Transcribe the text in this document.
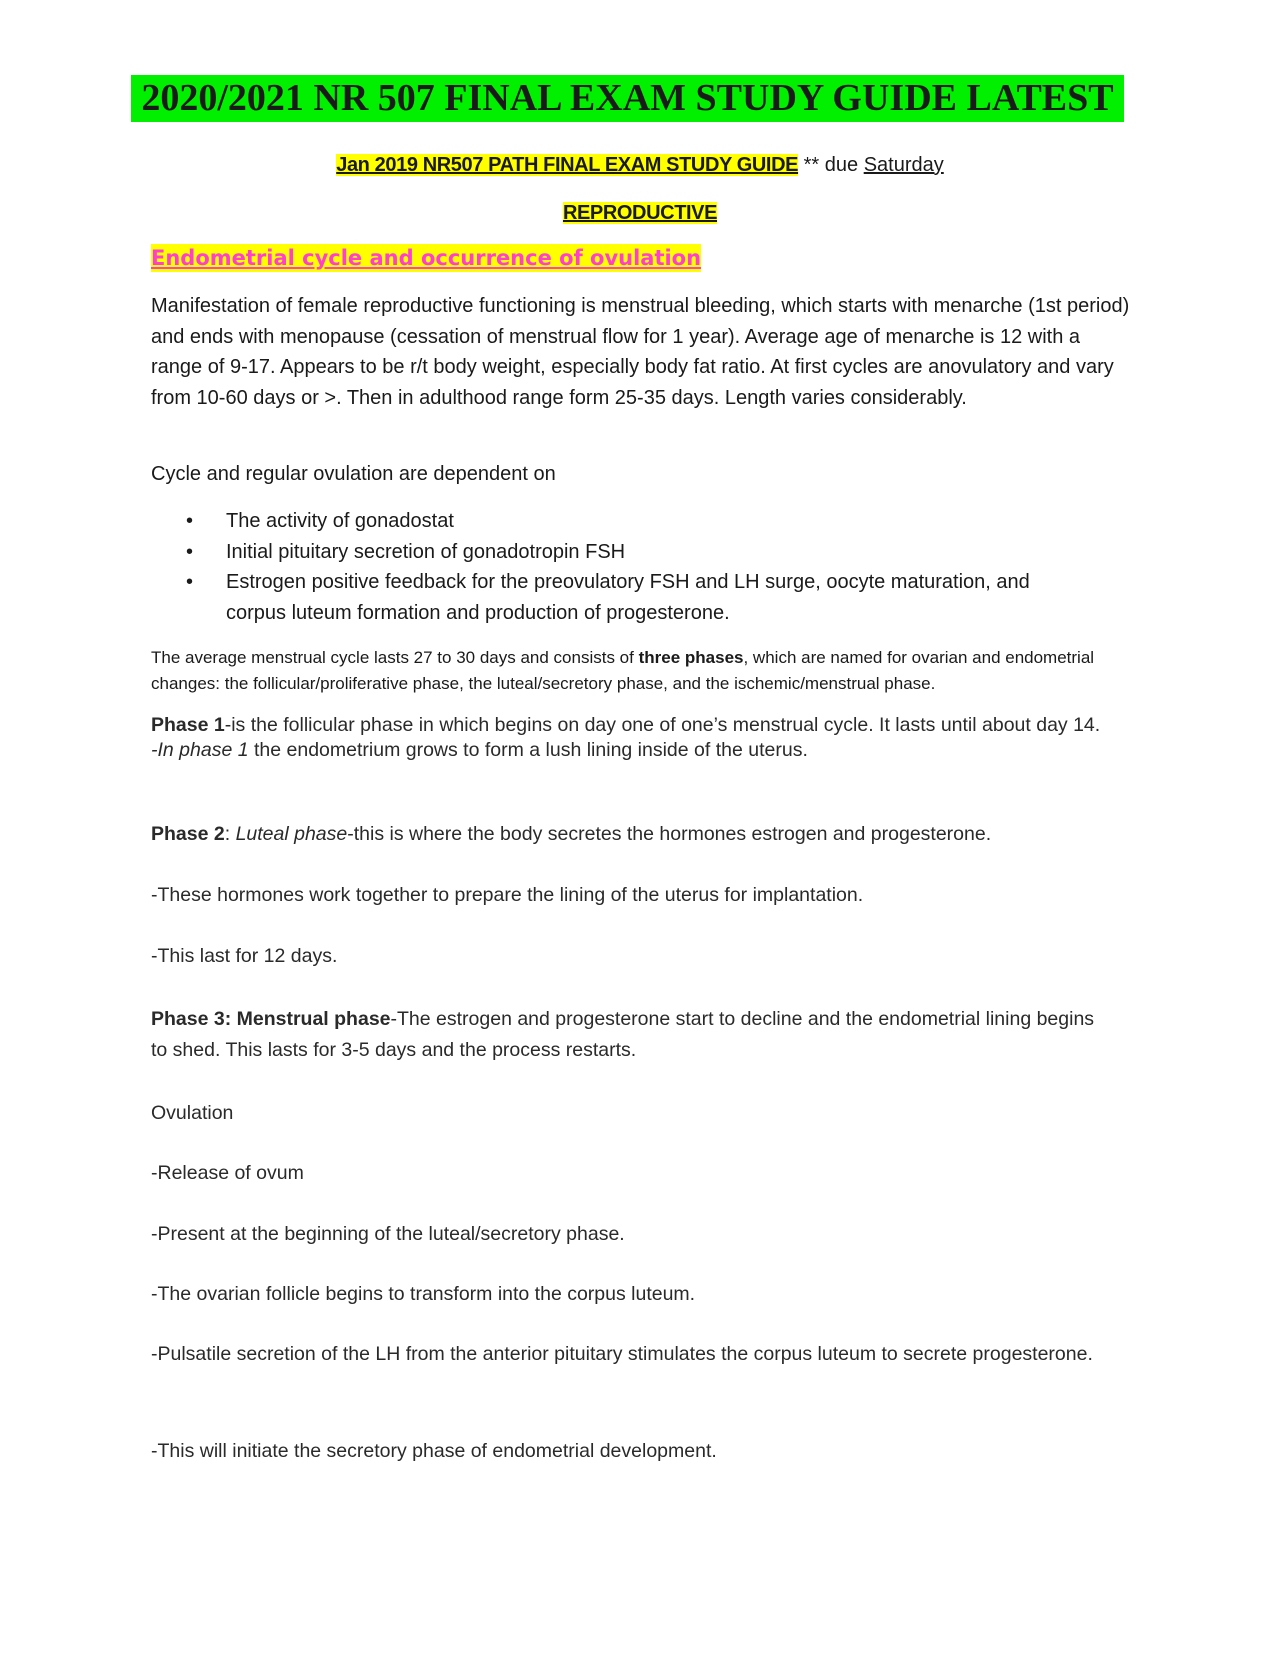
2020/2021 NR 507 FINAL EXAM STUDY GUIDE LATEST
Jan 2019 NR507 PATH FINAL EXAM STUDY GUIDE ** due Saturday
REPRODUCTIVE
Endometrial cycle and occurrence of ovulation

Manifestation of female reproductive functioning is menstrual bleeding, which starts with menarche (1st period) and ends with menopause (cessation of menstrual flow for 1 year). Average age of menarche is 12 with a range of 9-17. Appears to be r/t body weight, especially body fat ratio. At first cycles are anovulatory and vary from 10-60 days or >. Then in adulthood range form 25-35 days. Length varies considerably.

Cycle and regular ovulation are dependent on

• The activity of gonadostat
• Initial pituitary secretion of gonadotropin FSH
• Estrogen positive feedback for the preovulatory FSH and LH surge, oocyte maturation, and corpus luteum formation and production of progesterone.

The average menstrual cycle lasts 27 to 30 days and consists of three phases, which are named for ovarian and endometrial changes: the follicular/proliferative phase, the luteal/secretory phase, and the ischemic/menstrual phase.

Phase 1-is the follicular phase in which begins on day one of one’s menstrual cycle. It lasts until about day 14.
-In phase 1 the endometrium grows to form a lush lining inside of the uterus.

Phase 2: Luteal phase-this is where the body secretes the hormones estrogen and progesterone.

-These hormones work together to prepare the lining of the uterus for implantation.

-This last for 12 days.

Phase 3: Menstrual phase-The estrogen and progesterone start to decline and the endometrial lining begins to shed. This lasts for 3-5 days and the process restarts.

Ovulation

-Release of ovum

-Present at the beginning of the luteal/secretory phase.

-The ovarian follicle begins to transform into the corpus luteum.

-Pulsatile secretion of the LH from the anterior pituitary stimulates the corpus luteum to secrete progesterone.

-This will initiate the secretory phase of endometrial development.
